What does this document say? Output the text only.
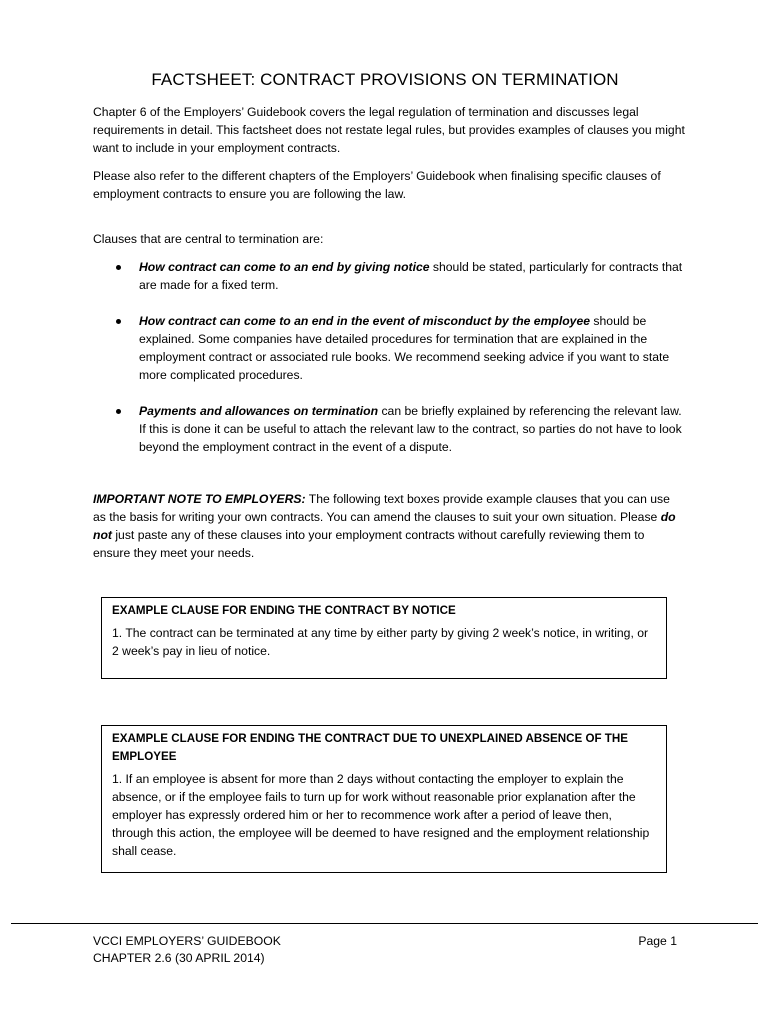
FACTSHEET: CONTRACT PROVISIONS ON TERMINATION

Chapter 6 of the Employers’ Guidebook covers the legal regulation of termination and discusses legal requirements in detail. This factsheet does not restate legal rules, but provides examples of clauses you might want to include in your employment contracts.

Please also refer to the different chapters of the Employers’ Guidebook when finalising specific clauses of employment contracts to ensure you are following the law.

Clauses that are central to termination are:

How contract can come to an end by giving notice should be stated, particularly for contracts that are made for a fixed term.
How contract can come to an end in the event of misconduct by the employee should be explained. Some companies have detailed procedures for termination that are explained in the employment contract or associated rule books. We recommend seeking advice if you want to state more complicated procedures.
Payments and allowances on termination can be briefly explained by referencing the relevant law. If this is done it can be useful to attach the relevant law to the contract, so parties do not have to look beyond the employment contract in the event of a dispute.

IMPORTANT NOTE TO EMPLOYERS: The following text boxes provide example clauses that you can use as the basis for writing your own contracts. You can amend the clauses to suit your own situation. Please do not just paste any of these clauses into your employment contracts without carefully reviewing them to ensure they meet your needs.

EXAMPLE CLAUSE FOR ENDING THE CONTRACT BY NOTICE

1. The contract can be terminated at any time by either party by giving 2 week’s notice, in writing, or 2 week’s pay in lieu of notice.

EXAMPLE CLAUSE FOR ENDING THE CONTRACT DUE TO UNEXPLAINED ABSENCE OF THE EMPLOYEE

1. If an employee is absent for more than 2 days without contacting the employer to explain the absence, or if the employee fails to turn up for work without reasonable prior explanation after the employer has expressly ordered him or her to recommence work after a period of leave then, through this action, the employee will be deemed to have resigned and the employment relationship shall cease.

VCCI EMPLOYERS’ GUIDEBOOK
CHAPTER 2.6 (30 APRIL 2014)
Page 1
